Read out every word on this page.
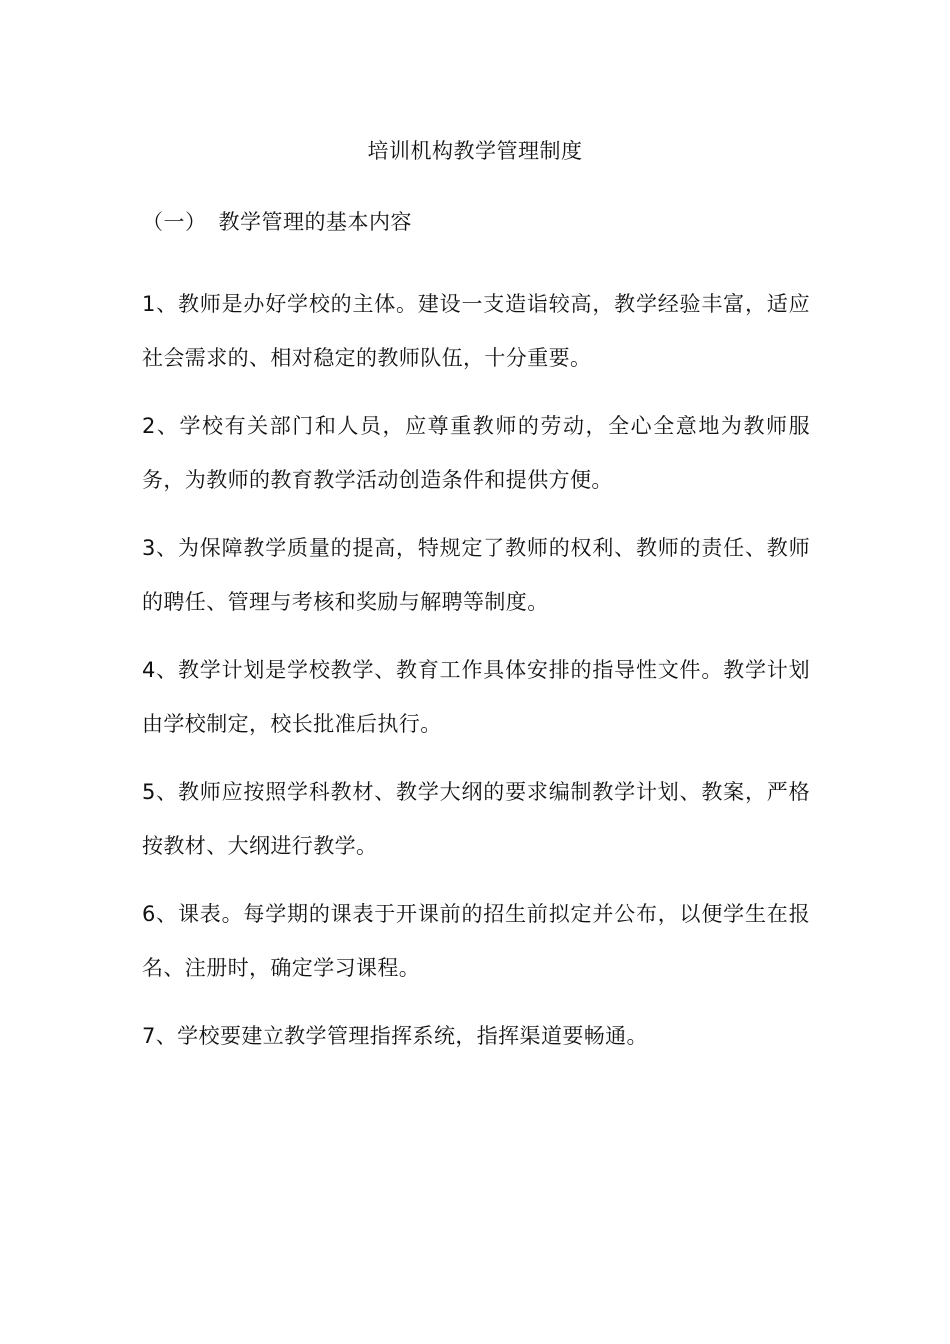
培训机构教学管理制度
（一） 教学管理的基本内容
1、教师是办好学校的主体。建设一支造诣较高，教学经验丰富，适应社会需求的、相对稳定的教师队伍，十分重要。
2、学校有关部门和人员，应尊重教师的劳动，全心全意地为教师服务，为教师的教育教学活动创造条件和提供方便。
3、为保障教学质量的提高，特规定了教师的权利、教师的责任、教师的聘任、管理与考核和奖励与解聘等制度。
4、教学计划是学校教学、教育工作具体安排的指导性文件。教学计划由学校制定，校长批准后执行。
5、教师应按照学科教材、教学大纲的要求编制教学计划、教案，严格按教材、大纲进行教学。
6、课表。每学期的课表于开课前的招生前拟定并公布，以便学生在报名、注册时，确定学习课程。
7、学校要建立教学管理指挥系统，指挥渠道要畅通。
